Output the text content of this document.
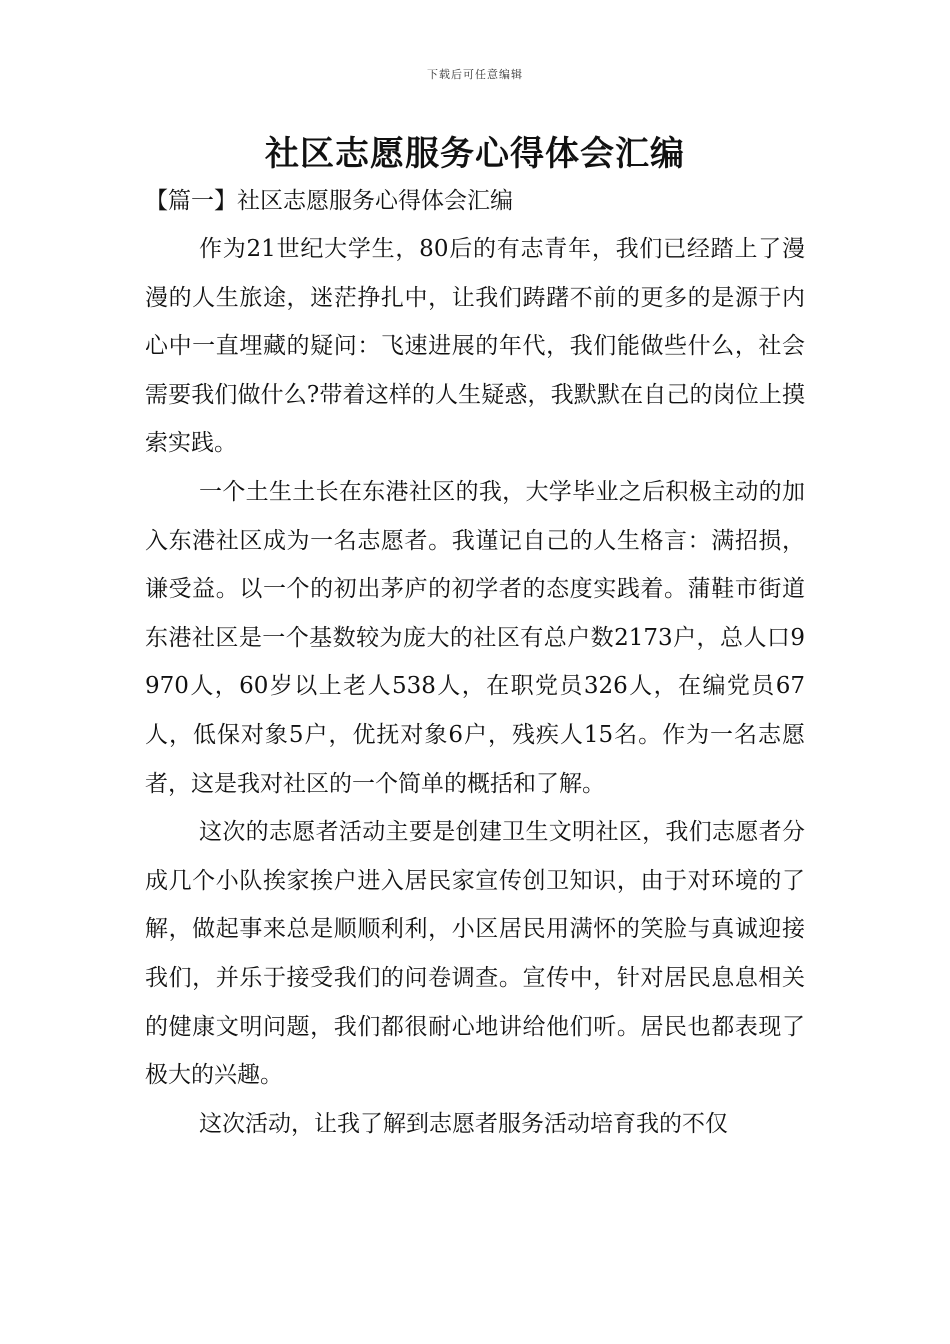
下载后可任意编辑
社区志愿服务心得体会汇编
【篇一】社区志愿服务心得体会汇编

作为21世纪大学生，80后的有志青年，我们已经踏上了漫漫的人生旅途，迷茫挣扎中，让我们踌躇不前的更多的是源于内心中一直埋藏的疑问：飞速进展的年代，我们能做些什么，社会需要我们做什么?带着这样的人生疑惑，我默默在自己的岗位上摸索实践。

一个土生土长在东港社区的我，大学毕业之后积极主动的加入东港社区成为一名志愿者。我谨记自己的人生格言：满招损，谦受益。以一个的初出茅庐的初学者的态度实践着。蒲鞋市街道东港社区是一个基数较为庞大的社区有总户数2173户，总人口9970人，60岁以上老人538人，在职党员326人，在编党员67人，低保对象5户，优抚对象6户，残疾人15名。作为一名志愿者，这是我对社区的一个简单的概括和了解。

这次的志愿者活动主要是创建卫生文明社区，我们志愿者分成几个小队挨家挨户进入居民家宣传创卫知识，由于对环境的了解，做起事来总是顺顺利利，小区居民用满怀的笑脸与真诚迎接我们，并乐于接受我们的问卷调查。宣传中，针对居民息息相关的健康文明问题，我们都很耐心地讲给他们听。居民也都表现了极大的兴趣。

这次活动，让我了解到志愿者服务活动培育我的不仅
